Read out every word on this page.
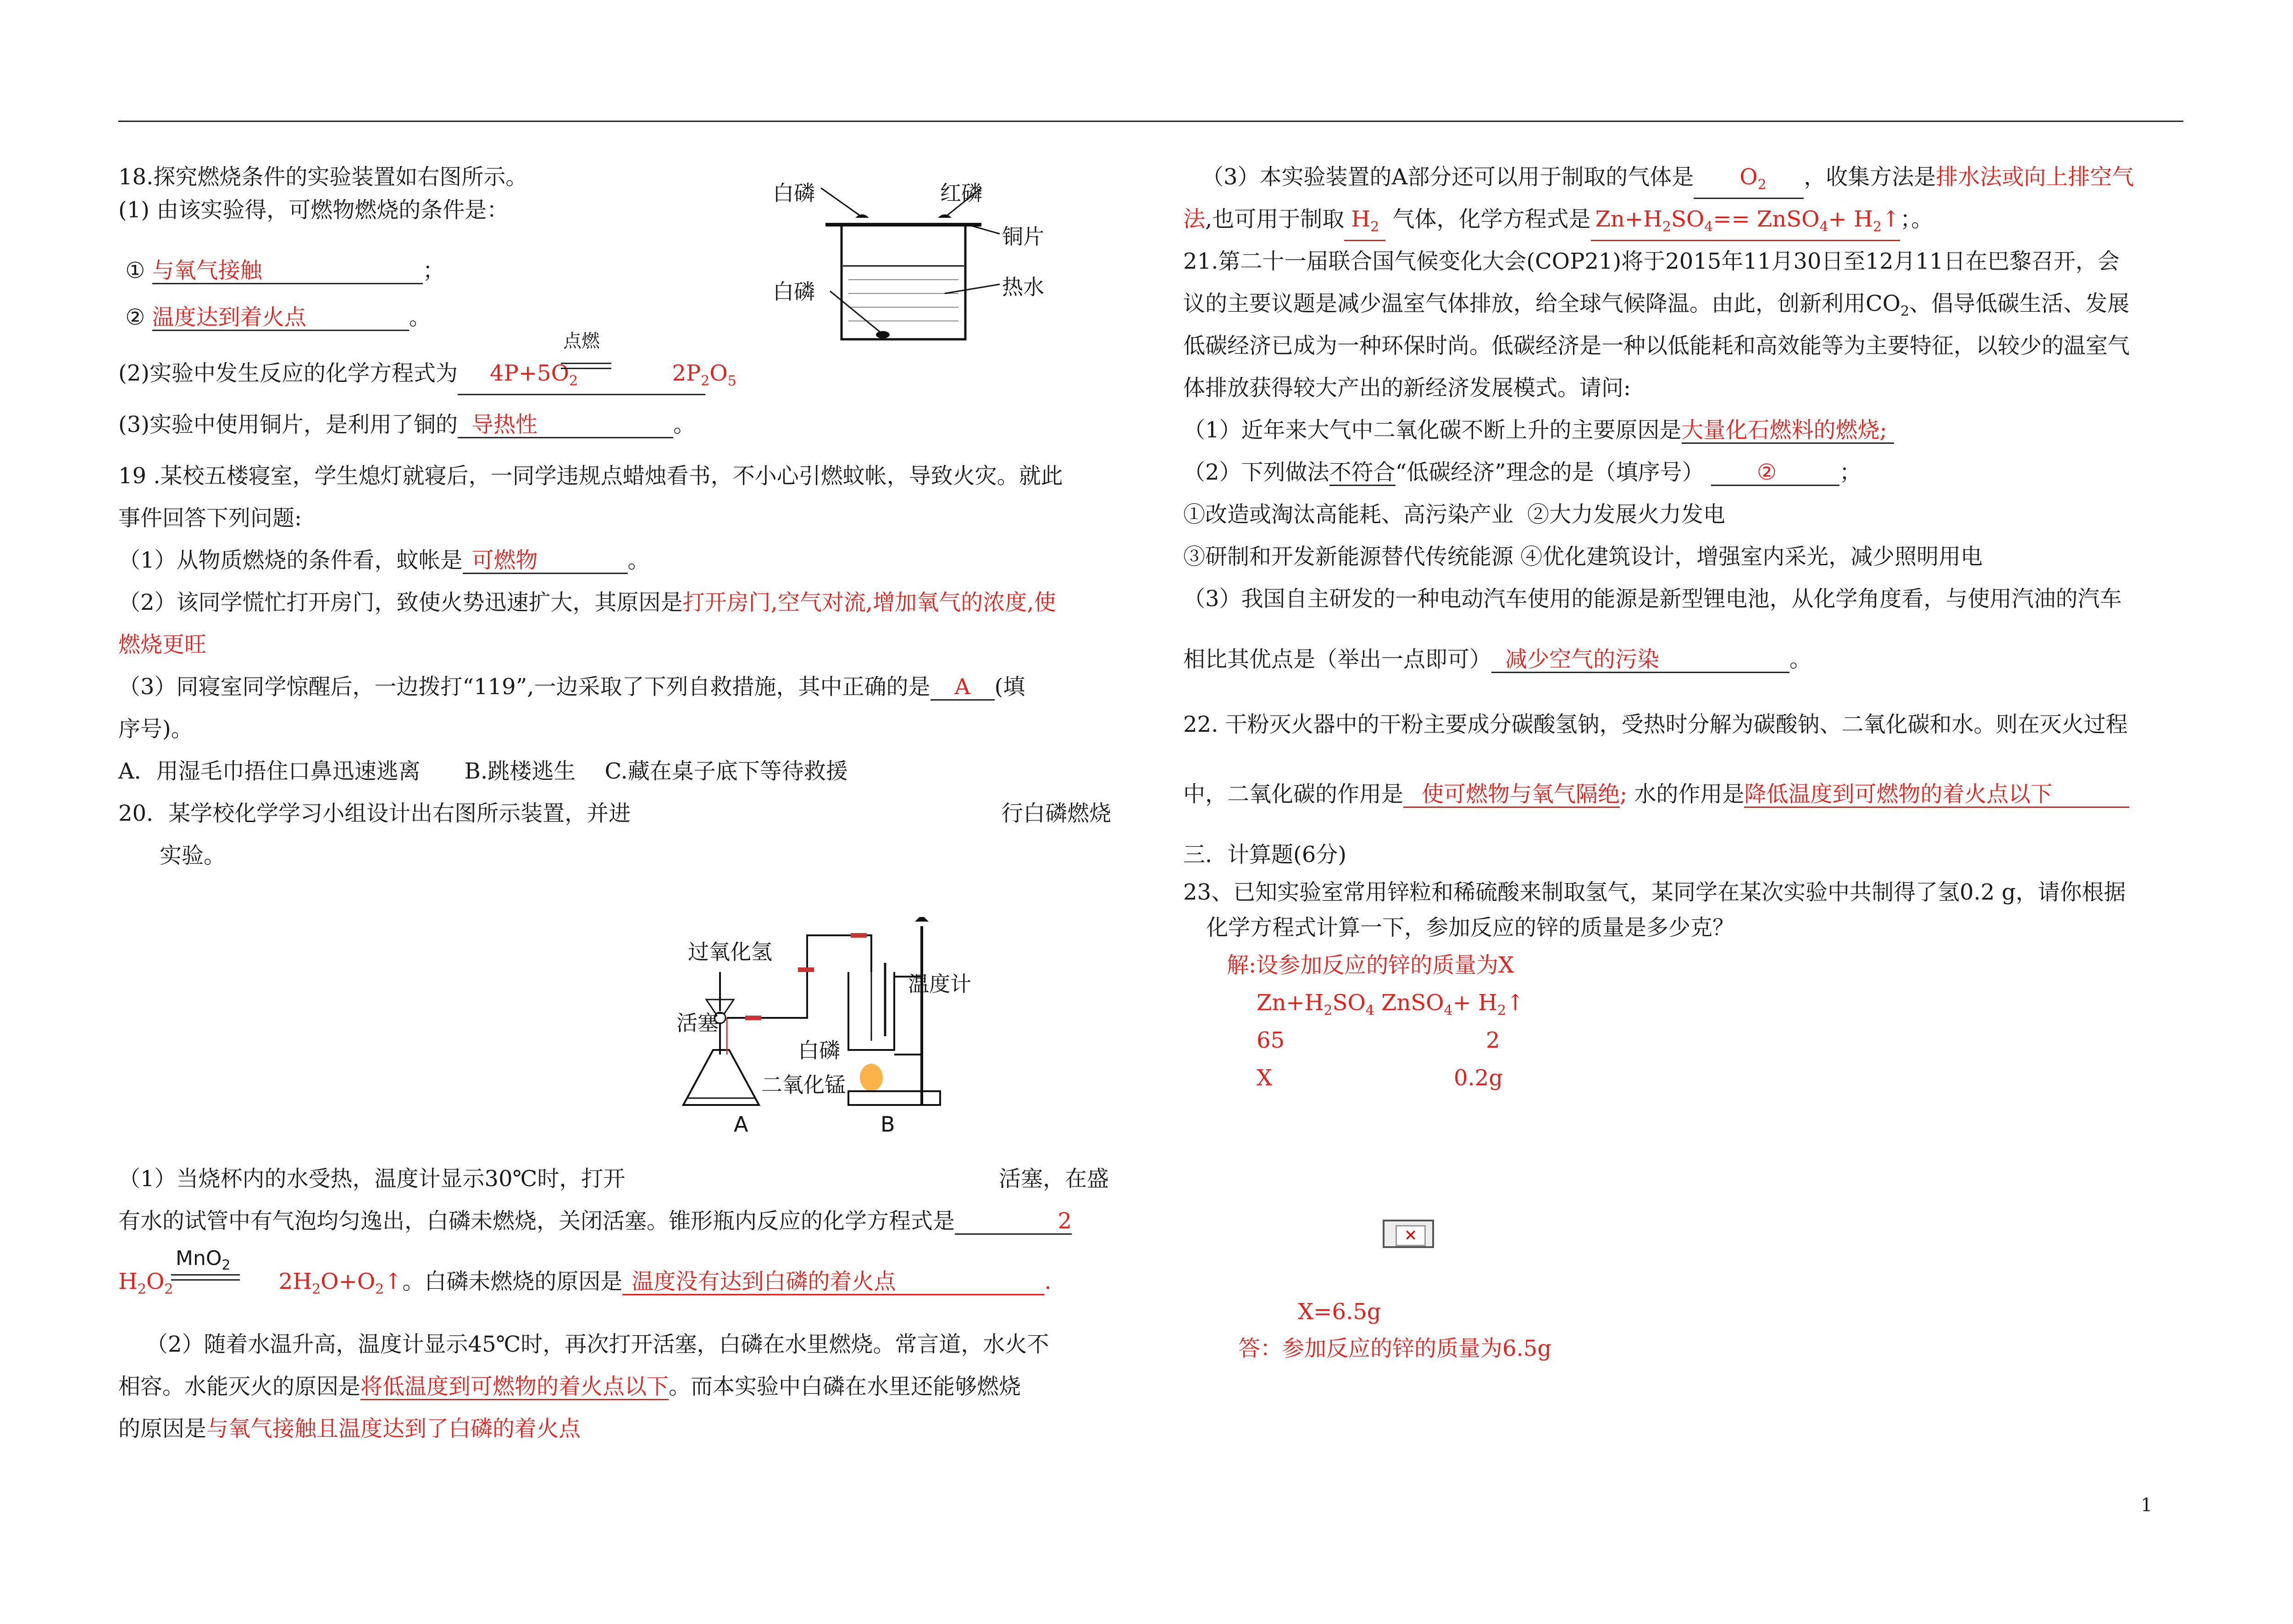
18.探究燃烧条件的实验装置如右图所示。
(1) 由该实验得，可燃物燃烧的条件是：
① 与氧气接触	；
② 温度达到着火点	。
(2)实验中发生反应的化学方程式为 $4P+5O_2$
点燃
$2P_2O_5$
(3)实验中使用铜片，是利用了铜的 导热性	。
19 .某校五楼寝室，学生熄灯就寝后，一同学违规点蜡烛看书，不小心引燃蚊帐，导致火灾。就此
事件回答下列问题:
（1）从物质燃烧的条件看，蚊帐是 可燃物	。
（2）该同学慌忙打开房门，致使火势迅速扩大，其原因是打开房门,空气对流,增加氧气的浓度,使
燃烧更旺
（3）同寝室同学惊醒后，一边拨打“119”,一边采取了下列自救措施，其中正确的是 A (填
序号)。
A．用湿毛巾捂住口鼻迅速逃离　　B.跳楼逃生　 C.藏在桌子底下等待救援
20．某学校化学学习小组设计出右图所示装置，并进	行白磷燃烧
实验。
（1）当烧杯内的水受热，温度计显示30℃时，打开	活塞，在盛
有水的试管中有气泡均匀逸出，白磷未燃烧，关闭活塞。锥形瓶内反应的化学方程式是	2
$H_2O_2$
MnO$_2$
$2H_2O+O_2↑$。白磷未燃烧的原因是 温度没有达到白磷的着火点	.
（2）随着水温升高，温度计显示45℃时，再次打开活塞，白磷在水里燃烧。常言道，水火不
相容。水能灭火的原因是将低温度到可燃物的着火点以下。而本实验中白磷在水里还能够燃烧
的原因是与氧气接触且温度达到了白磷的着火点
白磷	红磷
铜片
白磷	热水
过氧化氢
活塞
温度计
白磷
二氧化锰
A	B
（3）本实验装置的A部分还可以用于制取的气体是 $O_2$ ，收集方法是排水法或向上排空气
法,也可用于制取 $H_2$ 气体，化学方程式是 $Zn+H_2SO_4==$ ZnSO$_4$+ $H_2↑$；。
21.第二十一届联合国气候变化大会(COP21)将于2015年11月30日至12月11日在巴黎召开，会
议的主要议题是减少温室气体排放，给全球气候降温。由此，创新利用$CO_2$、倡导低碳生活、发展
低碳经济已成为一种环保时尚。低碳经济是一种以低能耗和高效能等为主要特征，以较少的温室气
体排放获得较大产出的新经济发展模式。请问:
（1）近年来大气中二氧化碳不断上升的主要原因是大量化石燃料的燃烧;
（2）下列做法不符合“低碳经济”理念的是（填序号） ②	；
①改造或淘汰高能耗、高污染产业 ②大力发展火力发电
③研制和开发新能源替代传统能源 ④优化建筑设计，增强室内采光，减少照明用电
（3）我国自主研发的一种电动汽车使用的能源是新型锂电池，从化学角度看，与使用汽油的汽车
相比其优点是（举出一点即可） 减少空气的污染	。
22. 干粉灭火器中的干粉主要成分碳酸氢钠，受热时分解为碳酸钠、二氧化碳和水。则在灭火过程
中，二氧化碳的作用是 使可燃物与氧气隔绝; 水的作用是降低温度到可燃物的着火点以下
三．计算题(6分)
23、已知实验室常用锌粒和稀硫酸来制取氢气，某同学在某次实验中共制得了氢0.2 g，请你根据
化学方程式计算一下，参加反应的锌的质量是多少克？
解:设参加反应的锌的质量为X
$Zn+H_2SO_4$ ZnSO$_4$+ $H_2↑$
65	2
X	0.2g
✕
X=6.5g
答：参加反应的锌的质量为6.5g
1
